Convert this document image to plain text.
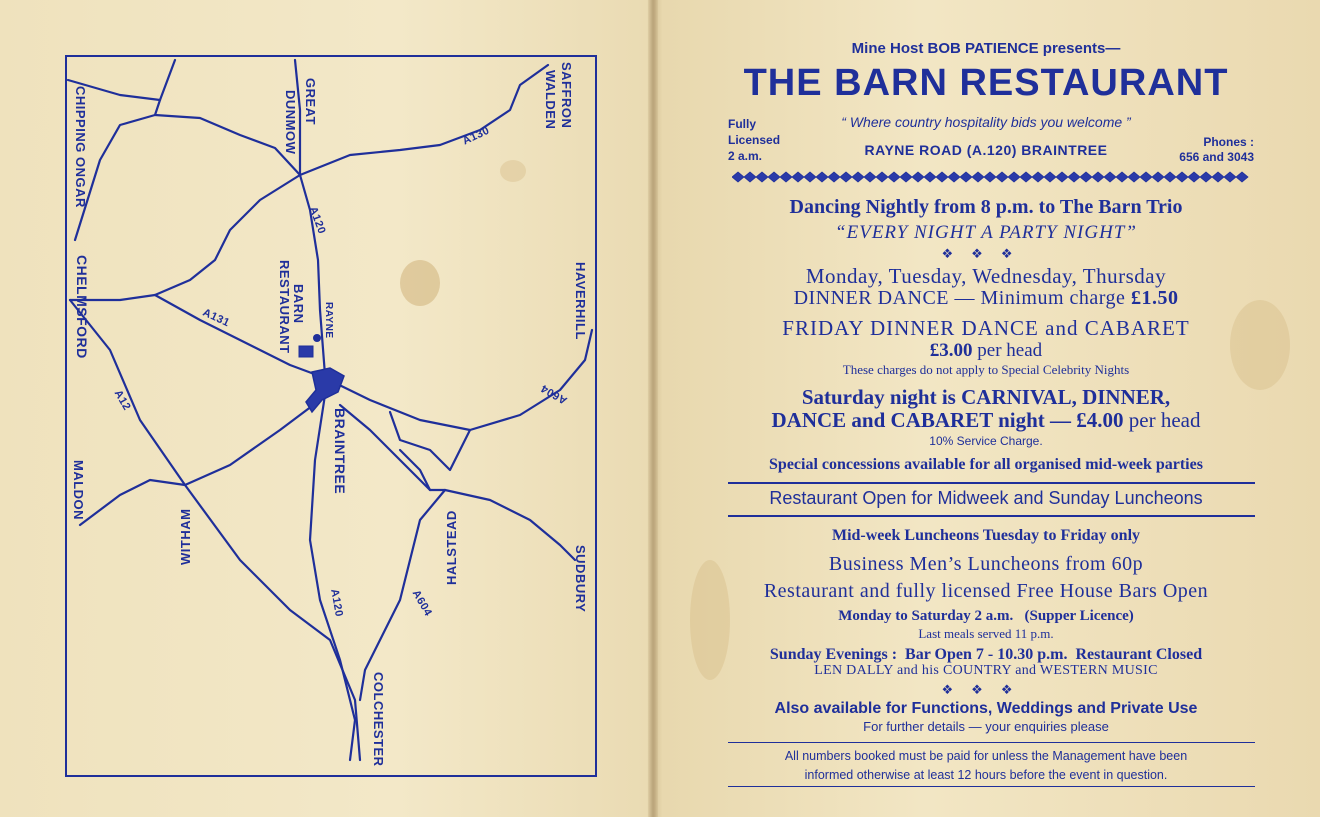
CHIPPING ONGAR	GREAT
DUNMOW	SAFFRON
WALDEN
CHELMSFORD	BARN
RESTAURANT	RAYNE	HAVERHILL
BRAINTREE
MALDON
WITHAM	HALSTEAD	SUDBURY
COLCHESTER
A130
A120
A131
A12	A604
A120	A604
Mine Host BOB PATIENCE presents—
THE BARN RESTAURANT
Fully
Licensed
2 a.m.
“ Where country hospitality bids you welcome ”
RAYNE ROAD (A.120) BRAINTREE	Phones :
656 and 3043
Dancing Nightly from 8 p.m. to The Barn Trio
“EVERY NIGHT A PARTY NIGHT”
❖❖❖
Monday, Tuesday, Wednesday, Thursday
DINNER DANCE — Minimum charge £1.50
FRIDAY DINNER DANCE and CABARET
£3.00 per head
These charges do not apply to Special Celebrity Nights
Saturday night is CARNIVAL, DINNER,
DANCE and CABARET night — £4.00 per head
10% Service Charge.
Special concessions available for all organised mid-week parties
Restaurant Open for Midweek and Sunday Luncheons
Mid-week Luncheons Tuesday to Friday only
Business Men’s Luncheons from 60p
Restaurant and fully licensed Free House Bars Open
Monday to Saturday 2 a.m.   (Supper Licence)
Last meals served 11 p.m.
Sunday Evenings :  Bar Open 7 - 10.30 p.m.  Restaurant Closed
LEN DALLY and his COUNTRY and WESTERN MUSIC
❖❖❖
Also available for Functions, Weddings and Private Use
For further details — your enquiries please
All numbers booked must be paid for unless the Management have been
informed otherwise at least 12 hours before the event in question.
